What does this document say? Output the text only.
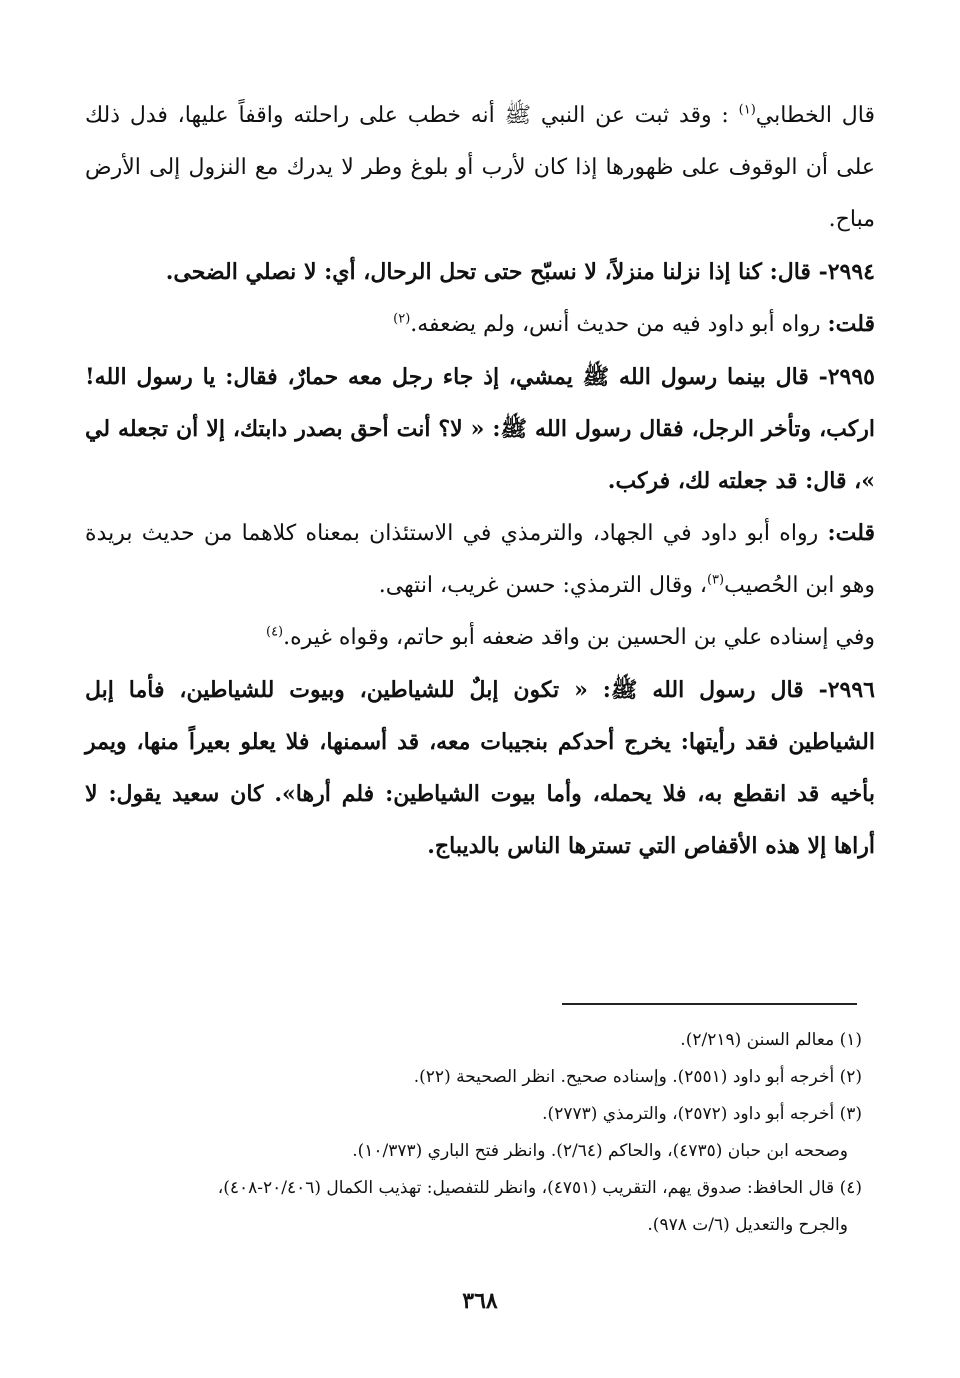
قال الخطابي$^{(١)}$ : وقد ثبت عن النبي ﷺ أنه خطب على راحلته واقفاً عليها، فدل ذلك على أن الوقوف على ظهورها إذا كان لأرب أو بلوغ وطر لا يدرك مع النزول إلى الأرض مباح.

٢٩٩٤- قال: كنا إذا نزلنا منزلاً، لا نسبّح حتى تحل الرحال، أي: لا نصلي الضحى.

قلت: رواه أبو داود فيه من حديث أنس، ولم يضعفه.$^{(٢)}$

٢٩٩٥- قال بينما رسول الله ﷺ يمشي، إذ جاء رجل معه حمارٌ، فقال: يا رسول الله! اركب، وتأخر الرجل، فقال رسول الله ﷺ: « لا؟ أنت أحق بصدر دابتك، إلا أن تجعله لي »، قال: قد جعلته لك، فركب.

قلت: رواه أبو داود في الجهاد، والترمذي في الاستئذان بمعناه كلاهما من حديث بريدة وهو ابن الحُصيب$^{(٣)}$، وقال الترمذي: حسن غريب، انتهى.

وفي إسناده علي بن الحسين بن واقد ضعفه أبو حاتم، وقواه غيره.$^{(٤)}$

٢٩٩٦- قال رسول الله ﷺ: « تكون إبلٌ للشياطين، وبيوت للشياطين، فأما إبل الشياطين فقد رأيتها: يخرج أحدكم بنجيبات معه، قد أسمنها، فلا يعلو بعيراً منها، ويمر بأخيه قد انقطع به، فلا يحمله، وأما بيوت الشياطين: فلم أرها». كان سعيد يقول: لا أراها إلا هذه الأقفاص التي تسترها الناس بالديباج.

(١) معالم السنن (٢/٢١٩).

(٢) أخرجه أبو داود (٢٥٥١). وإسناده صحيح. انظر الصحيحة (٢٢).

(٣) أخرجه أبو داود (٢٥٧٢)، والترمذي (٢٧٧٣).

وصححه ابن حبان (٤٧٣٥)، والحاكم (٢/٦٤). وانظر فتح الباري (١٠/٣٧٣).

(٤) قال الحافظ: صدوق يهم، التقريب (٤٧٥١)، وانظر للتفصيل: تهذيب الكمال (٢٠/٤٠٦-٤٠٨)،

والجرح والتعديل (٦/ت ٩٧٨).

٣٦٨
